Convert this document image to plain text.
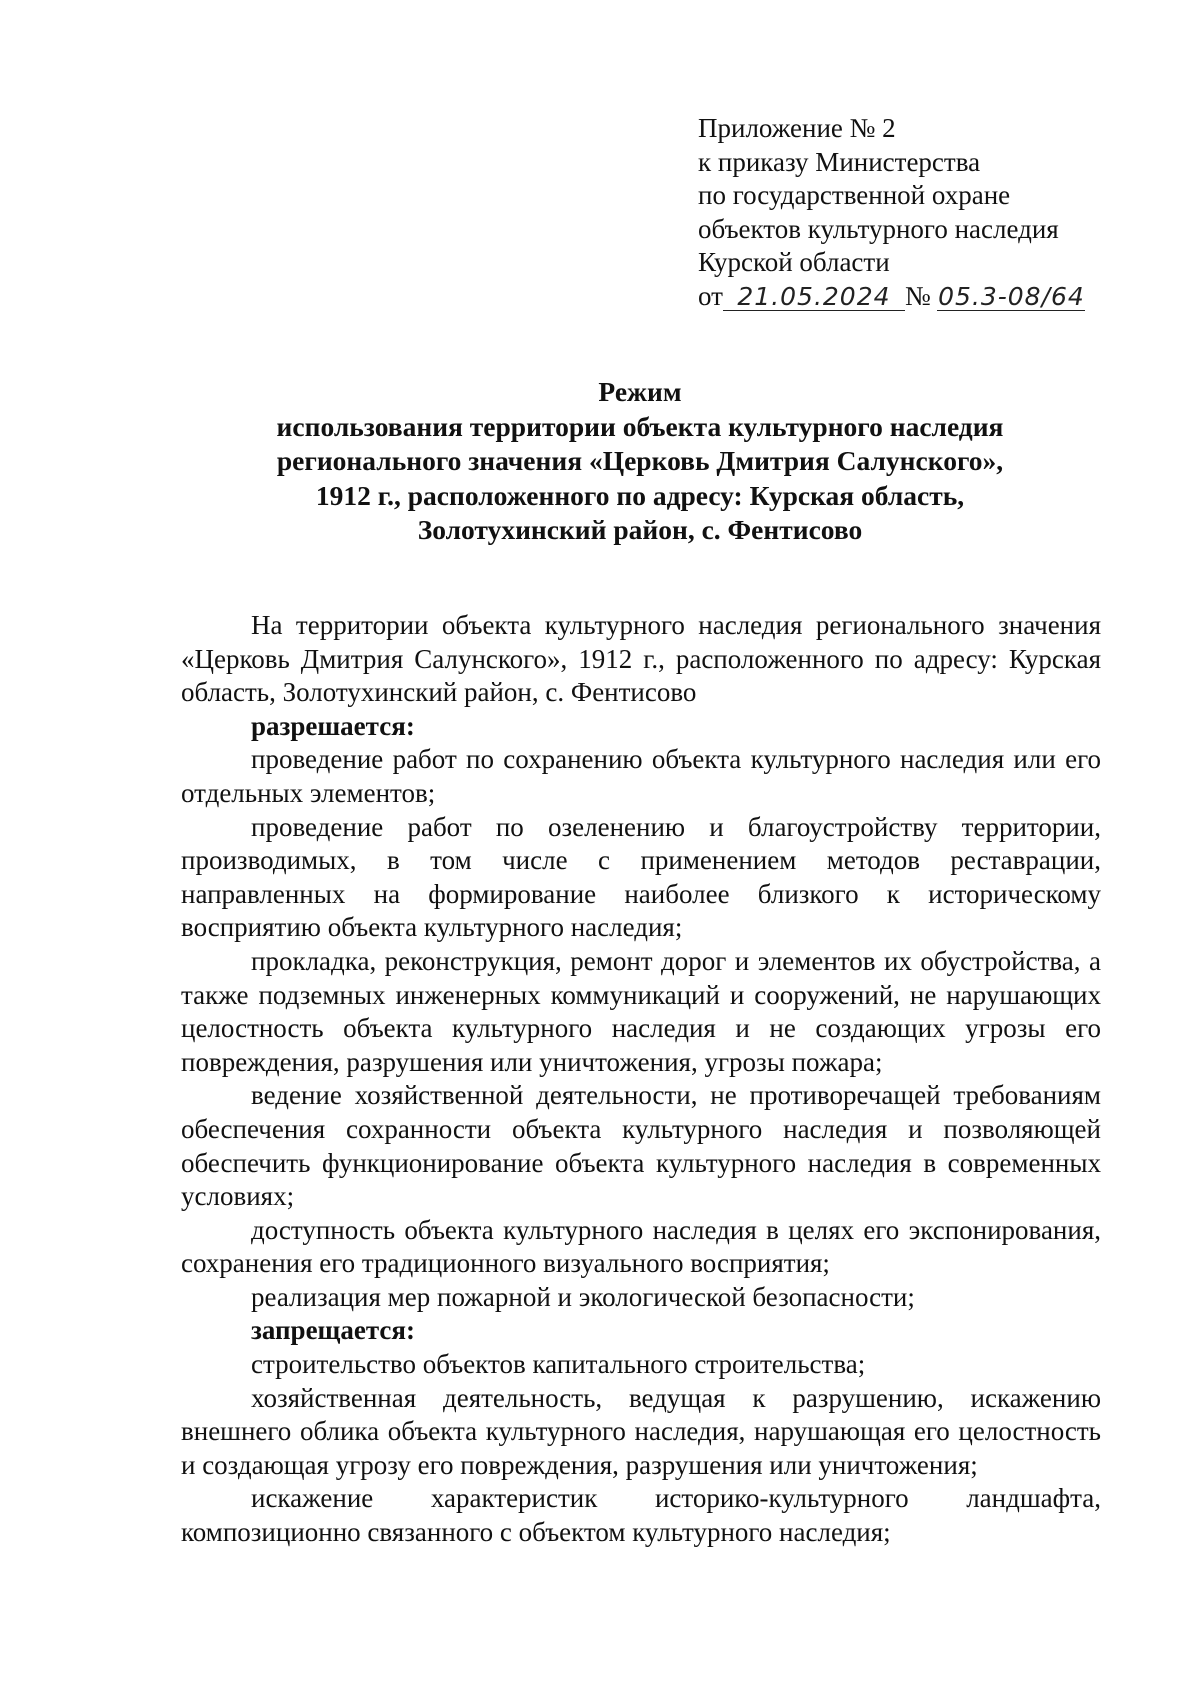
Приложение № 2
к приказу Министерства
по государственной охране
объектов культурного наследия
Курской области
от 21.05.2024 № 05.3-08/64
Режим
использования территории объекта культурного наследия
регионального значения «Церковь Дмитрия Салунского»,
1912 г., расположенного по адресу: Курская область,
Золотухинский район, с. Фентисово

На территории объекта культурного наследия регионального значения «Церковь Дмитрия Салунского», 1912 г., расположенного по адресу: Курская область, Золотухинский район, с. Фентисово

разрешается:

проведение работ по сохранению объекта культурного наследия или его отдельных элементов;

проведение работ по озеленению и благоустройству территории, производимых, в том числе с применением методов реставрации, направленных на формирование наиболее близкого к историческому восприятию объекта культурного наследия;

прокладка, реконструкция, ремонт дорог и элементов их обустройства, а также подземных инженерных коммуникаций и сооружений, не нарушающих целостность объекта культурного наследия и не создающих угрозы его повреждения, разрушения или уничтожения, угрозы пожара;

ведение хозяйственной деятельности, не противоречащей требованиям обеспечения сохранности объекта культурного наследия и позволяющей обеспечить функционирование объекта культурного наследия в современных условиях;

доступность объекта культурного наследия в целях его экспонирования, сохранения его традиционного визуального восприятия;

реализация мер пожарной и экологической безопасности;

запрещается:

строительство объектов капитального строительства;

хозяйственная деятельность, ведущая к разрушению, искажению внешнего облика объекта культурного наследия, нарушающая его целостность и создающая угрозу его повреждения, разрушения или уничтожения;

искажение характеристик историко-культурного ландшафта, композиционно связанного с объектом культурного наследия;
